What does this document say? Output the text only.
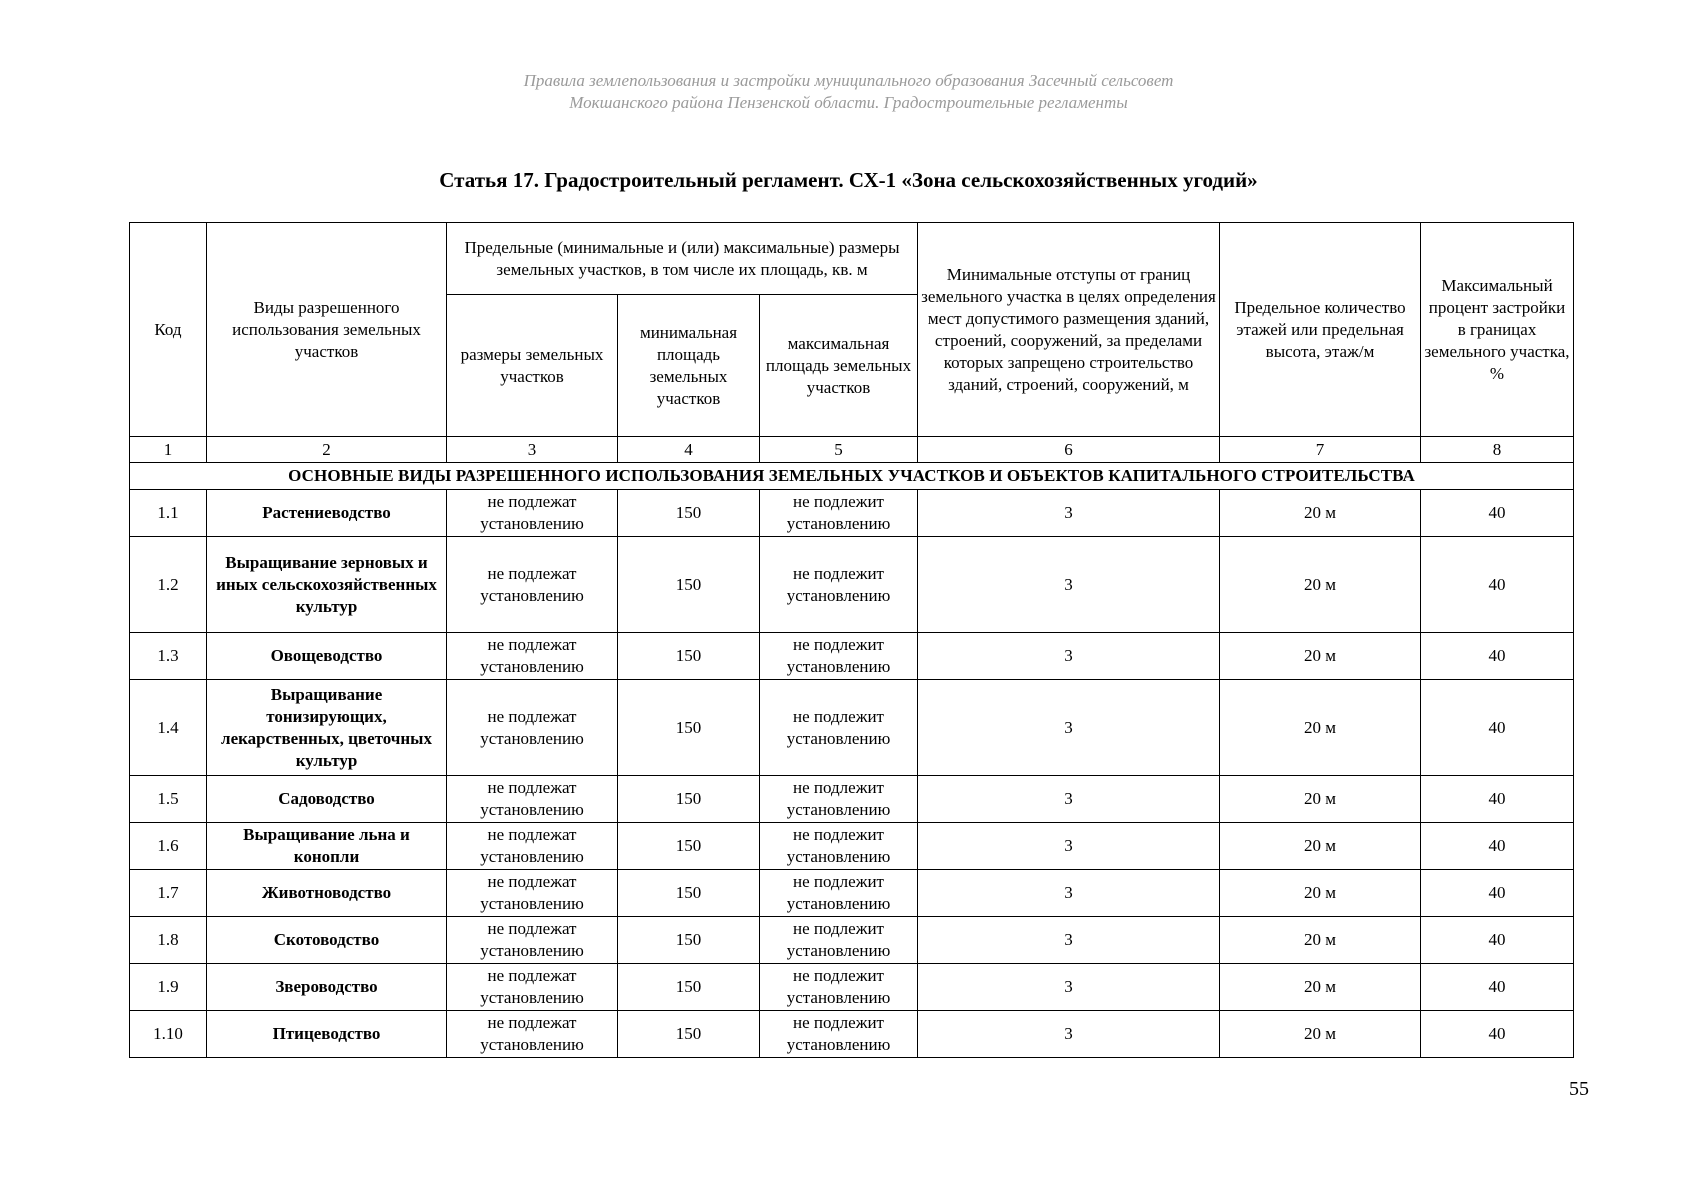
Правила землепользования и застройки муниципального образования Засечный сельсовет
Мокшанского района Пензенской области. Градостроительные регламенты
Статья 17. Градостроительный регламент. СХ-1 «Зона сельскохозяйственных угодий»
Код	Виды разрешенного использования земельных участков	Предельные (минимальные и (или) максимальные) размеры земельных участков, в том числе их площадь, кв. м			Минимальные отступы от границ земельного участка в целях определения мест допустимого размещения зданий, строений, сооружений, за пределами которых запрещено строительство зданий, строений, сооружений, м	Предельное количество этажей или предельная высота, этаж/м	Максимальный процент застройки в границах земельного участка, %
		размеры земельных участков	минимальная площадь земельных участков	максимальная площадь земельных участков			
1	2	3	4	5	6	7	8
ОСНОВНЫЕ ВИДЫ РАЗРЕШЕННОГО ИСПОЛЬЗОВАНИЯ ЗЕМЕЛЬНЫХ УЧАСТКОВ И ОБЪЕКТОВ КАПИТАЛЬНОГО СТРОИТЕЛЬСТВА							
1.1	Растениеводство	не подлежат установлению	150	не подлежит установлению	3	20 м	40
1.2	Выращивание зерновых и иных сельскохозяйственных культур	не подлежат установлению	150	не подлежит установлению	3	20 м	40
1.3	Овощеводство	не подлежат установлению	150	не подлежит установлению	3	20 м	40
1.4	Выращивание тонизирующих, лекарственных, цветочных культур	не подлежат установлению	150	не подлежит установлению	3	20 м	40
1.5	Садоводство	не подлежат установлению	150	не подлежит установлению	3	20 м	40
1.6	Выращивание льна и конопли	не подлежат установлению	150	не подлежит установлению	3	20 м	40
1.7	Животноводство	не подлежат установлению	150	не подлежит установлению	3	20 м	40
1.8	Скотоводство	не подлежат установлению	150	не подлежит установлению	3	20 м	40
1.9	Звероводство	не подлежат установлению	150	не подлежит установлению	3	20 м	40
1.10	Птицеводство	не подлежат установлению	150	не подлежит установлению	3	20 м	40
55
